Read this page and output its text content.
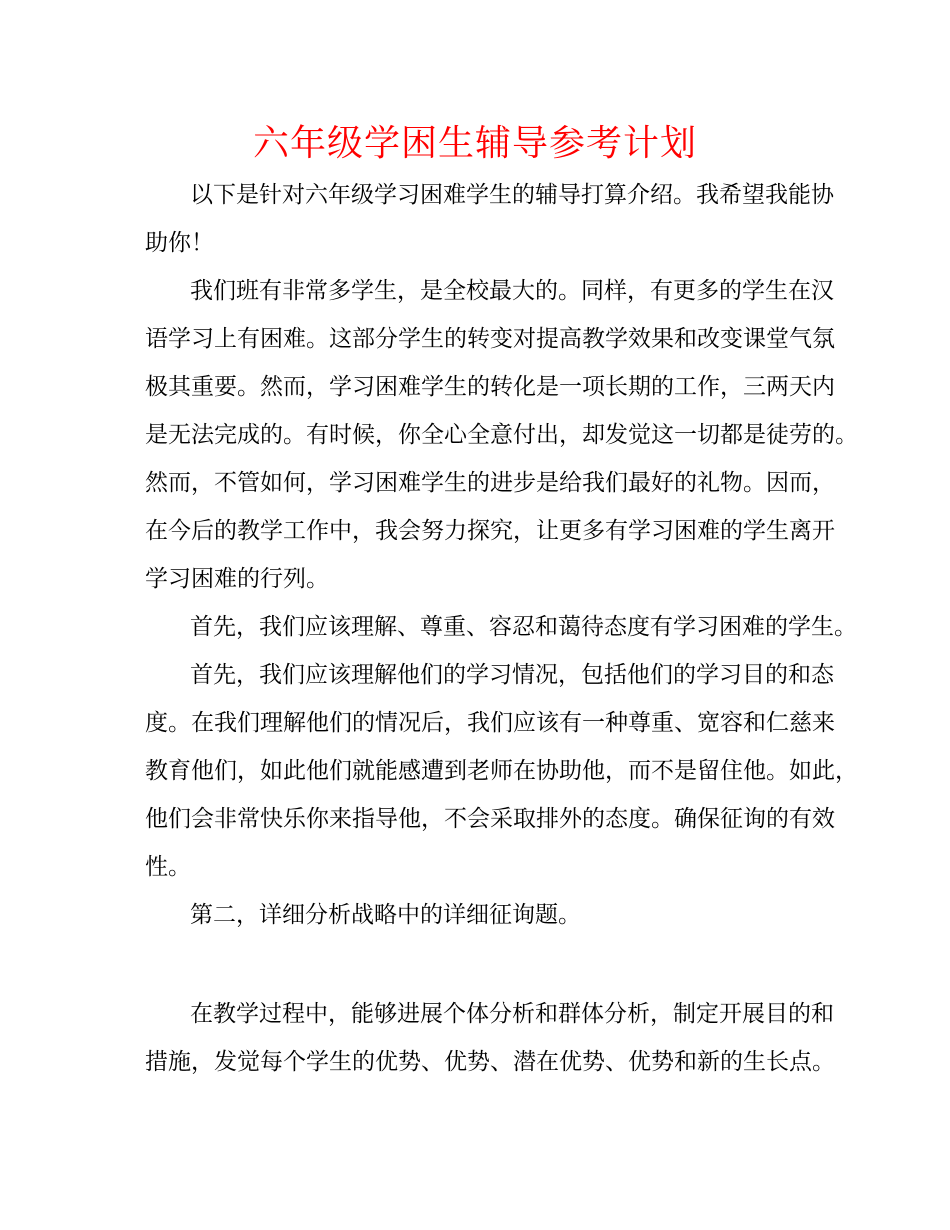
六年级学困生辅导参考计划

以下是针对六年级学习困难学生的辅导打算介绍。我希望我能协

助你！

我们班有非常多学生，是全校最大的。同样，有更多的学生在汉

语学习上有困难。这部分学生的转变对提高教学效果和改变课堂气氛

极其重要。然而，学习困难学生的转化是一项长期的工作，三两天内

是无法完成的。有时候，你全心全意付出，却发觉这一切都是徒劳的。

然而，不管如何，学习困难学生的进步是给我们最好的礼物。因而，

在今后的教学工作中，我会努力探究，让更多有学习困难的学生离开

学习困难的行列。

首先，我们应该理解、尊重、容忍和蔼待态度有学习困难的学生。

首先，我们应该理解他们的学习情况，包括他们的学习目的和态

度。在我们理解他们的情况后，我们应该有一种尊重、宽容和仁慈来

教育他们，如此他们就能感遭到老师在协助他，而不是留住他。如此，

他们会非常快乐你来指导他，不会采取排外的态度。确保征询的有效

性。

第二，详细分析战略中的详细征询题。

在教学过程中，能够进展个体分析和群体分析，制定开展目的和

措施，发觉每个学生的优势、优势、潜在优势、优势和新的生长点。
